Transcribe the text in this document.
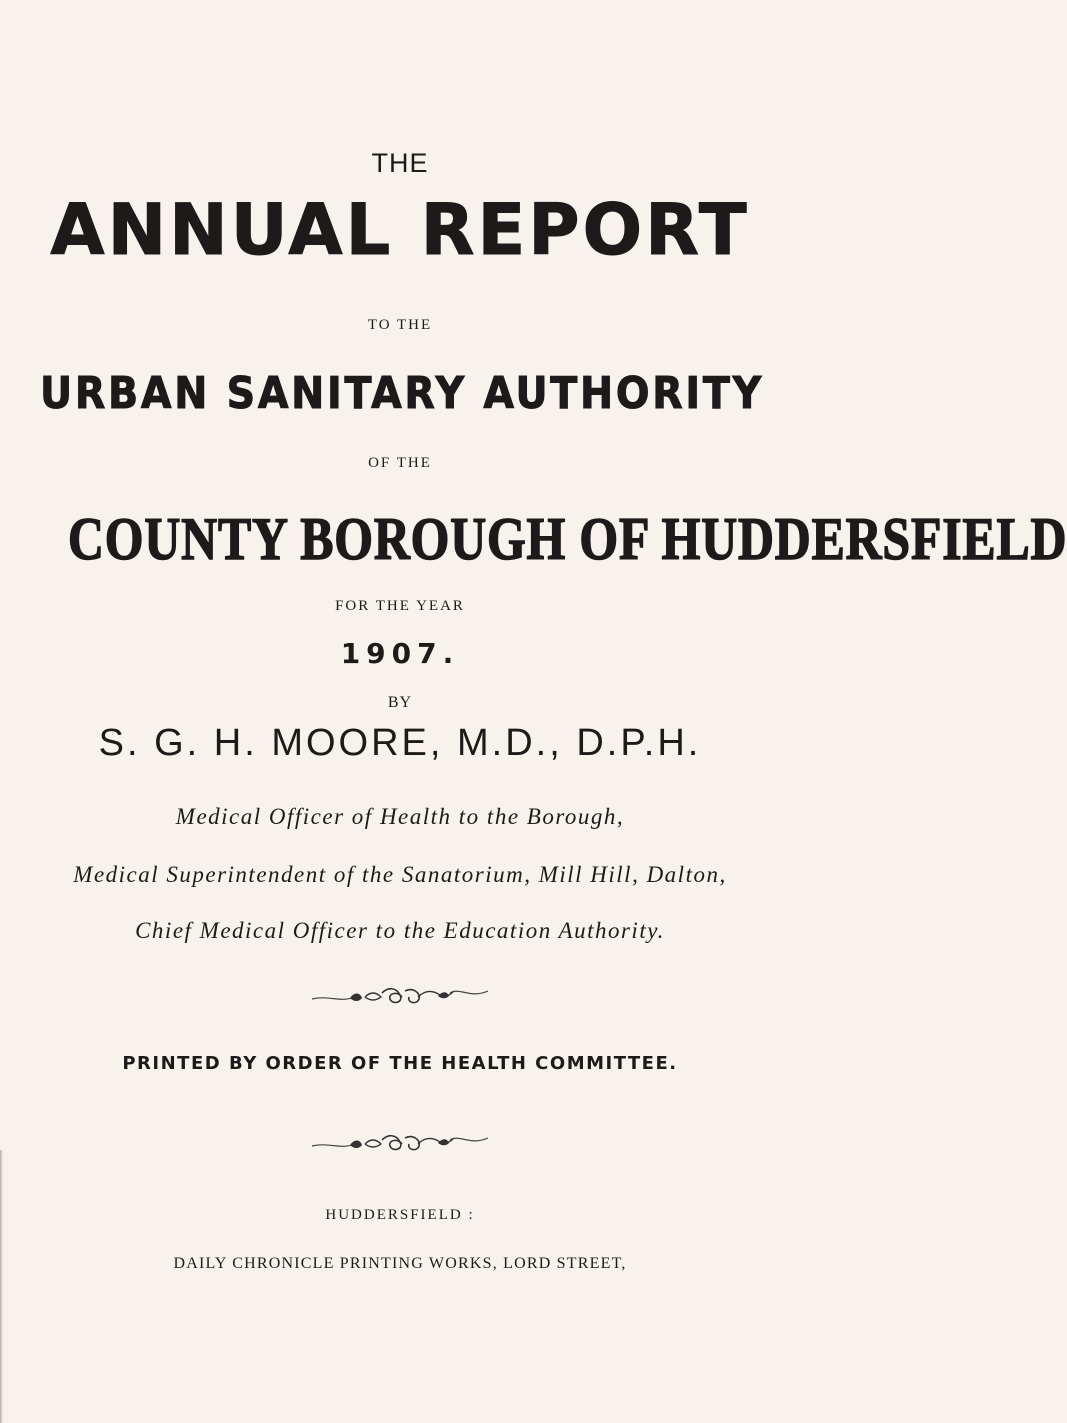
THE
ANNUAL REPORT
TO THE
URBAN SANITARY AUTHORITY
OF THE
COUNTY BOROUGH OF HUDDERSFIELD
FOR THE YEAR
1907.
BY
S. G. H. MOORE, M.D., D.P.H.
Medical Officer of Health to the Borough,
Medical Superintendent of the Sanatorium, Mill Hill, Dalton,
Chief Medical Officer to the Education Authority.
PRINTED BY ORDER OF THE HEALTH COMMITTEE.
HUDDERSFIELD :
DAILY CHRONICLE PRINTING WORKS, LORD STREET,
